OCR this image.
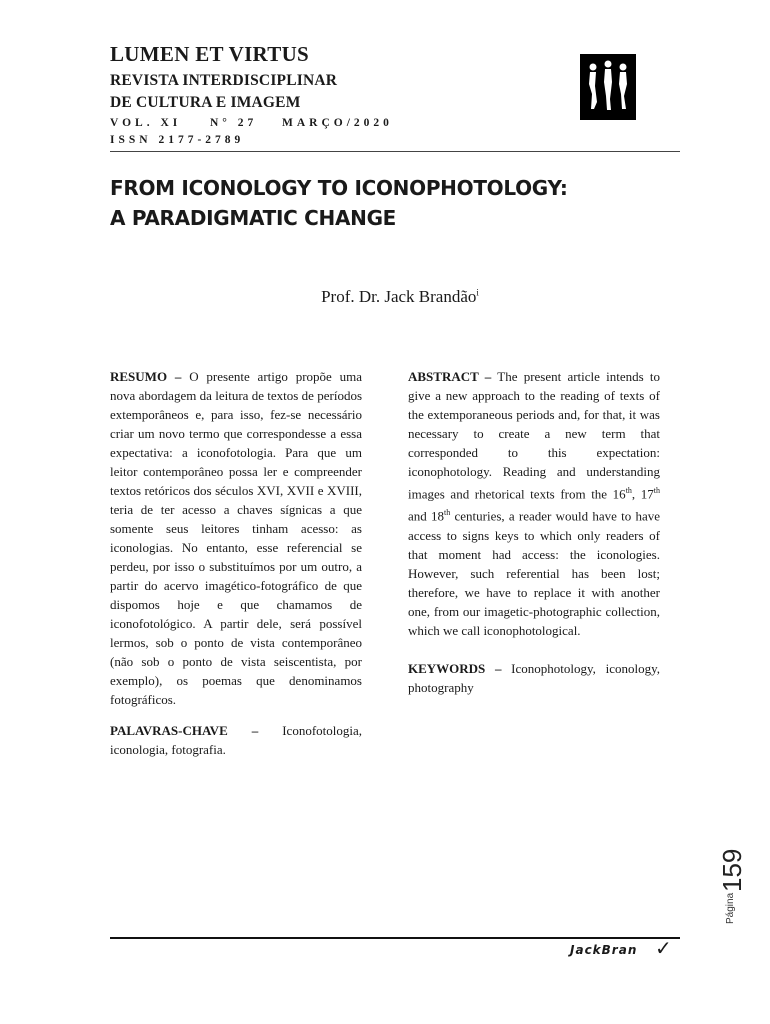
LUMEN ET VIRTUS
REVISTA INTERDISCIPLINAR
DE CULTURA E IMAGEM
VOL. XI	N° 27 MARÇO/2020
ISSN 2177-2789
FROM ICONOLOGY TO ICONOPHOTOLOGY:
A PARADIGMATIC CHANGE
Prof. Dr. Jack Brandão$^i$

RESUMO – O presente artigo propõe uma nova abordagem da leitura de textos de períodos extemporâneos e, para isso, fez-se necessário criar um novo termo que correspondesse a essa expectativa: a iconofotologia. Para que um leitor contemporâneo possa ler e compreender textos retóricos dos séculos XVI, XVII e XVIII, teria de ter acesso a chaves sígnicas a que somente seus leitores tinham acesso: as iconologias. No entanto, esse referencial se perdeu, por isso o substituímos por um outro, a partir do acervo imagético-fotográfico de que dispomos hoje e que chamamos de iconofotológico. A partir dele, será possível lermos, sob o ponto de vista contemporâneo (não sob o ponto de vista seiscentista, por exemplo), os poemas que denominamos fotográficos.

PALAVRAS-CHAVE – Iconofotologia, iconologia, fotografia.

ABSTRACT – The present article intends to give a new approach to the reading of texts of the extemporaneous periods and, for that, it was necessary to create a new term that corresponded to this expectation: iconophotology. Reading and understanding images and rhetorical texts from the 16th, 17th and 18th centuries, a reader would have to have access to signs keys to which only readers of that moment had access: the iconologies. However, such referential has been lost; therefore, we have to replace it with another one, from our imagetic-photographic collection, which we call iconophotological.

KEYWORDS – Iconophotology, iconology, photography

Página
159
JackBran ✓
